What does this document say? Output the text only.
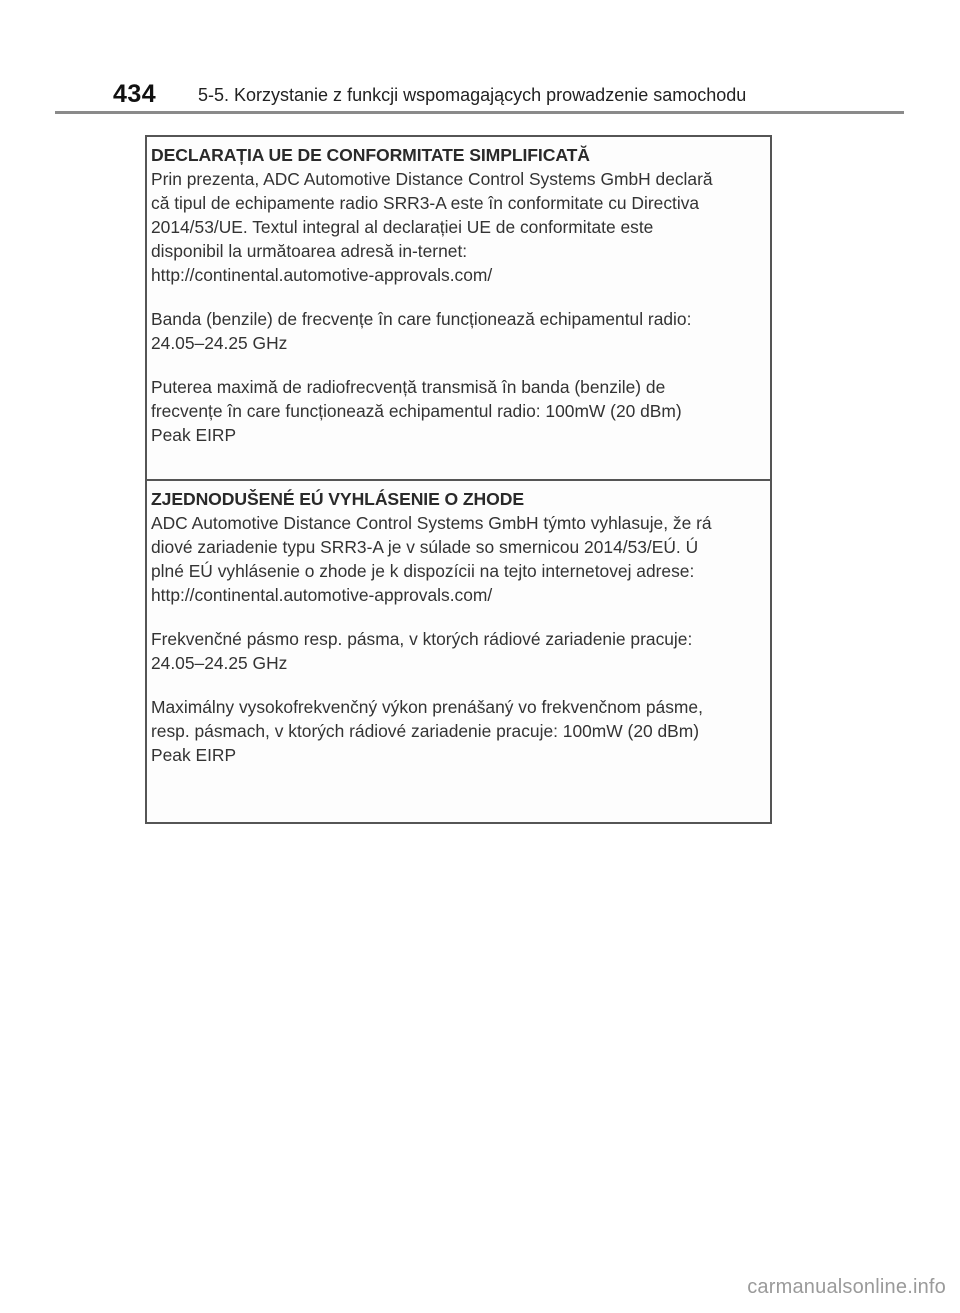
434 5-5. Korzystanie z funkcji wspomagających prowadzenie samochodu
DECLARAȚIA UE DE CONFORMITATE SIMPLIFICATĂ

Prin prezenta, ADC Automotive Distance Control Systems GmbH declară
că tipul de echipamente radio SRR3-A este în conformitate cu Directiva
2014/53/UE. Textul integral al declarației UE de conformitate este
disponibil la următoarea adresă in-ternet:
http://continental.automotive-approvals.com/

Banda (benzile) de frecvențe în care funcționează echipamentul radio:
24.05–24.25 GHz

Puterea maximă de radiofrecvență transmisă în banda (benzile) de
frecvențe în care funcționează echipamentul radio: 100mW (20 dBm)
Peak EIRP

ZJEDNODUŠENÉ EÚ VYHLÁSENIE O ZHODE

ADC Automotive Distance Control Systems GmbH týmto vyhlasuje, že rá
diové zariadenie typu SRR3-A je v súlade so smernicou 2014/53/EÚ. Ú
plné EÚ vyhlásenie o zhode je k dispozícii na tejto internetovej adrese:
http://continental.automotive-approvals.com/

Frekvenčné pásmo resp. pásma, v ktorých rádiové zariadenie pracuje:
24.05–24.25 GHz

Maximálny vysokofrekvenčný výkon prenášaný vo frekvenčnom pásme,
resp. pásmach, v ktorých rádiové zariadenie pracuje: 100mW (20 dBm)
Peak EIRP

carmanualsonline.info
